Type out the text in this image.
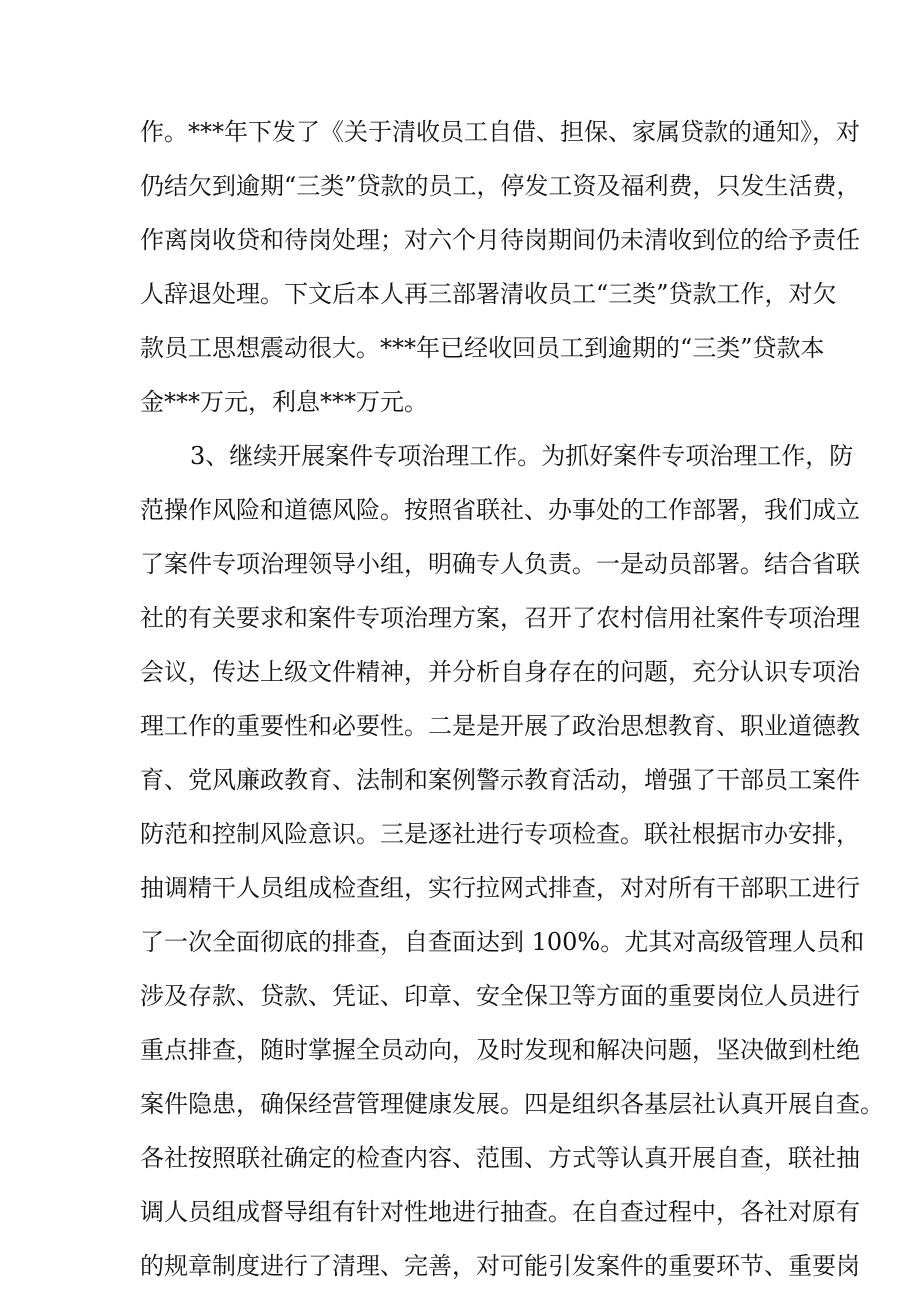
作。***年下发了《关于清收员工自借、担保、家属贷款的通知》，对
仍结欠到逾期“三类”贷款的员工，停发工资及福利费，只发生活费，
作离岗收贷和待岗处理；对六个月待岗期间仍未清收到位的给予责任
人辞退处理。下文后本人再三部署清收员工“三类”贷款工作，对欠
款员工思想震动很大。***年已经收回员工到逾期的“三类”贷款本
金***万元，利息***万元。
3、继续开展案件专项治理工作。为抓好案件专项治理工作，防
范操作风险和道德风险。按照省联社、办事处的工作部署，我们成立
了案件专项治理领导小组，明确专人负责。一是动员部署。结合省联
社的有关要求和案件专项治理方案，召开了农村信用社案件专项治理
会议，传达上级文件精神，并分析自身存在的问题，充分认识专项治
理工作的重要性和必要性。二是是开展了政治思想教育、职业道德教
育、党风廉政教育、法制和案例警示教育活动，增强了干部员工案件
防范和控制风险意识。三是逐社进行专项检查。联社根据市办安排，
抽调精干人员组成检查组，实行拉网式排查，对对所有干部职工进行
了一次全面彻底的排查，自查面达到 100%。尤其对高级管理人员和
涉及存款、贷款、凭证、印章、安全保卫等方面的重要岗位人员进行
重点排查，随时掌握全员动向，及时发现和解决问题，坚决做到杜绝
案件隐患，确保经营管理健康发展。四是组织各基层社认真开展自查。
各社按照联社确定的检查内容、范围、方式等认真开展自查，联社抽
调人员组成督导组有针对性地进行抽查。在自查过程中，各社对原有
的规章制度进行了清理、完善，对可能引发案件的重要环节、重要岗
